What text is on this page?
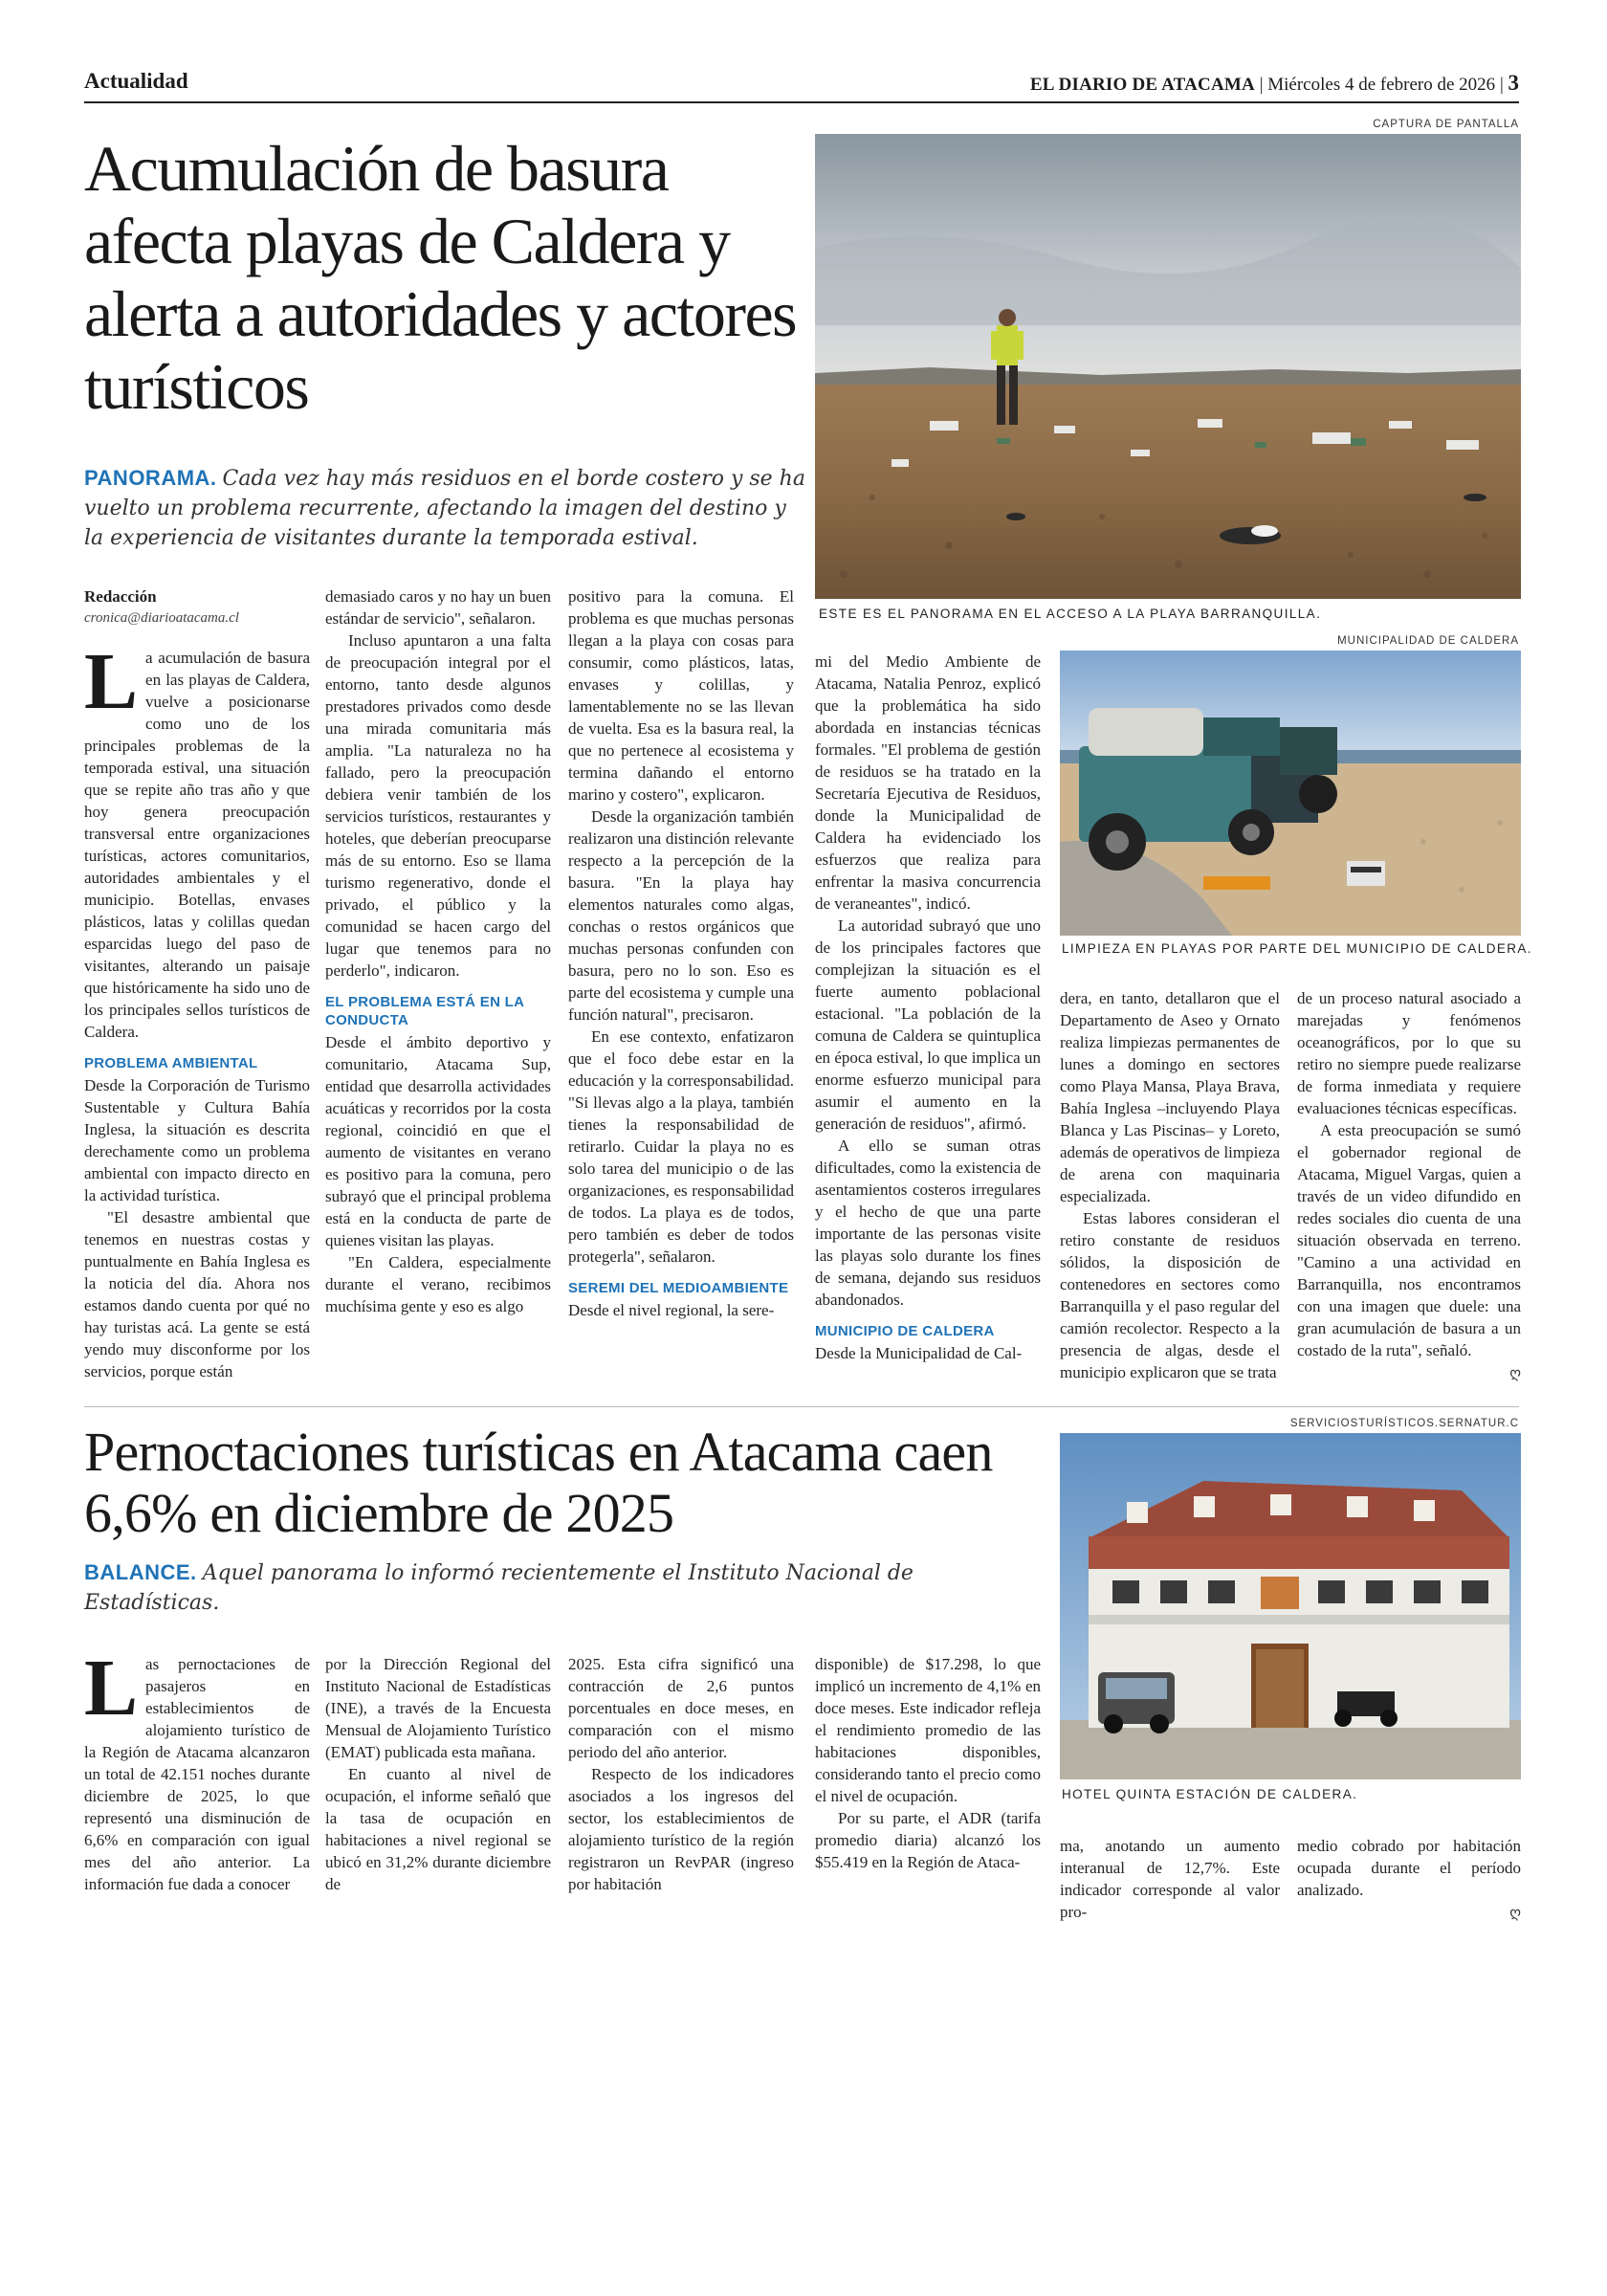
Actualidad	EL DIARIO DE ATACAMA | Miércoles 4 de febrero de 2026 | 3
Acumulación de basura afecta playas de Caldera y alerta a autoridades y actores turísticos
PANORAMA. Cada vez hay más residuos en el borde costero y se ha vuelto un problema recurrente, afectando la imagen del destino y la experiencia de visitantes durante la temporada estival.
CAPTURA DE PANTALLA
ESTE ES EL PANORAMA EN EL ACCESO A LA PLAYA BARRANQUILLA.
MUNICIPALIDAD DE CALDERA
LIMPIEZA EN PLAYAS POR PARTE DEL MUNICIPIO DE CALDERA.
Redacción
cronica@diarioatacama.cl

La acumulación de basura en las playas de Caldera, vuelve a posicionarse como uno de los principales problemas de la temporada estival, una situación que se repite año tras año y que hoy genera preocupación transversal entre organizaciones turísticas, actores comunitarios, autoridades ambientales y el municipio. Botellas, envases plásticos, latas y colillas quedan esparcidas luego del paso de visitantes, alterando un paisaje que históricamente ha sido uno de los principales sellos turísticos de Caldera.

PROBLEMA AMBIENTAL

Desde la Corporación de Turismo Sustentable y Cultura Bahía Inglesa, la situación es descrita derechamente como un problema ambiental con impacto directo en la actividad turística.

"El desastre ambiental que tenemos en nuestras costas y puntualmente en Bahía Inglesa es la noticia del día. Ahora nos estamos dando cuenta por qué no hay turistas acá. La gente se está yendo muy disconforme por los servicios, porque están

demasiado caros y no hay un buen estándar de servicio", señalaron.

Incluso apuntaron a una falta de preocupación integral por el entorno, tanto desde algunos prestadores privados como desde una mirada comunitaria más amplia. "La naturaleza no ha fallado, pero la preocupación debiera venir también de los servicios turísticos, restaurantes y hoteles, que deberían preocuparse más de su entorno. Eso se llama turismo regenerativo, donde el privado, el público y la comunidad se hacen cargo del lugar que tenemos para no perderlo", indicaron.

EL PROBLEMA ESTÁ EN LA CONDUCTA

Desde el ámbito deportivo y comunitario, Atacama Sup, entidad que desarrolla actividades acuáticas y recorridos por la costa regional, coincidió en que el aumento de visitantes en verano es positivo para la comuna, pero subrayó que el principal problema está en la conducta de parte de quienes visitan las playas.

"En Caldera, especialmente durante el verano, recibimos muchísima gente y eso es algo

positivo para la comuna. El problema es que muchas personas llegan a la playa con cosas para consumir, como plásticos, latas, envases y colillas, y lamentablemente no se las llevan de vuelta. Esa es la basura real, la que no pertenece al ecosistema y termina dañando el entorno marino y costero", explicaron.

Desde la organización también realizaron una distinción relevante respecto a la percepción de la basura. "En la playa hay elementos naturales como algas, conchas o restos orgánicos que muchas personas confunden con basura, pero no lo son. Eso es parte del ecosistema y cumple una función natural", precisaron.

En ese contexto, enfatizaron que el foco debe estar en la educación y la corresponsabilidad. "Si llevas algo a la playa, también tienes la responsabilidad de retirarlo. Cuidar la playa no es solo tarea del municipio o de las organizaciones, es responsabilidad de todos. La playa es de todos, pero también es deber de todos protegerla", señalaron.

SEREMI DEL MEDIOAMBIENTE

Desde el nivel regional, la sere-

mi del Medio Ambiente de Atacama, Natalia Penroz, explicó que la problemática ha sido abordada en instancias técnicas formales. "El problema de gestión de residuos se ha tratado en la Secretaría Ejecutiva de Residuos, donde la Municipalidad de Caldera ha evidenciado los esfuerzos que realiza para enfrentar la masiva concurrencia de veraneantes", indicó.

La autoridad subrayó que uno de los principales factores que complejizan la situación es el fuerte aumento poblacional estacional. "La población de la comuna de Caldera se quintuplica en época estival, lo que implica un enorme esfuerzo municipal para asumir el aumento en la generación de residuos", afirmó.

A ello se suman otras dificultades, como la existencia de asentamientos costeros irregulares y el hecho de que una parte importante de las personas visite las playas solo durante los fines de semana, dejando sus residuos abandonados.

MUNICIPIO DE CALDERA

Desde la Municipalidad de Cal-

dera, en tanto, detallaron que el Departamento de Aseo y Ornato realiza limpiezas permanentes de lunes a domingo en sectores como Playa Mansa, Playa Brava, Bahía Inglesa –incluyendo Playa Blanca y Las Piscinas– y Loreto, además de operativos de limpieza de arena con maquinaria especializada.

Estas labores consideran el retiro constante de residuos sólidos, la disposición de contenedores en sectores como Barranquilla y el paso regular del camión recolector. Respecto a la presencia de algas, desde el municipio explicaron que se trata

de un proceso natural asociado a marejadas y fenómenos oceanográficos, por lo que su retiro no siempre puede realizarse de forma inmediata y requiere evaluaciones técnicas específicas.

A esta preocupación se sumó el gobernador regional de Atacama, Miguel Vargas, quien a través de un video difundido en redes sociales dio cuenta de una situación observada en terreno. "Camino a una actividad en Barranquilla, nos encontramos con una imagen que duele: una gran acumulación de basura a un costado de la ruta", señaló.

ღ
Pernoctaciones turísticas en Atacama caen 6,6% en diciembre de 2025
BALANCE. Aquel panorama lo informó recientemente el Instituto Nacional de Estadísticas.
SERVICIOSTURÍSTICOS.SERNATUR.C
HOTEL QUINTA ESTACIÓN DE CALDERA.

Las pernoctaciones de pasajeros en establecimientos de alojamiento turístico de la Región de Atacama alcanzaron un total de 42.151 noches durante diciembre de 2025, lo que representó una disminución de 6,6% en comparación con igual mes del año anterior. La información fue dada a conocer

por la Dirección Regional del Instituto Nacional de Estadísticas (INE), a través de la Encuesta Mensual de Alojamiento Turístico (EMAT) publicada esta mañana.

En cuanto al nivel de ocupación, el informe señaló que la tasa de ocupación en habitaciones a nivel regional se ubicó en 31,2% durante diciembre de

2025. Esta cifra significó una contracción de 2,6 puntos porcentuales en doce meses, en comparación con el mismo periodo del año anterior.

Respecto de los indicadores asociados a los ingresos del sector, los establecimientos de alojamiento turístico de la región registraron un RevPAR (ingreso por habitación

disponible) de $17.298, lo que implicó un incremento de 4,1% en doce meses. Este indicador refleja el rendimiento promedio de las habitaciones disponibles, considerando tanto el precio como el nivel de ocupación.

Por su parte, el ADR (tarifa promedio diaria) alcanzó los $55.419 en la Región de Ataca-

ma, anotando un aumento interanual de 12,7%. Este indicador corresponde al valor pro-

medio cobrado por habitación ocupada durante el período analizado.

ღ
